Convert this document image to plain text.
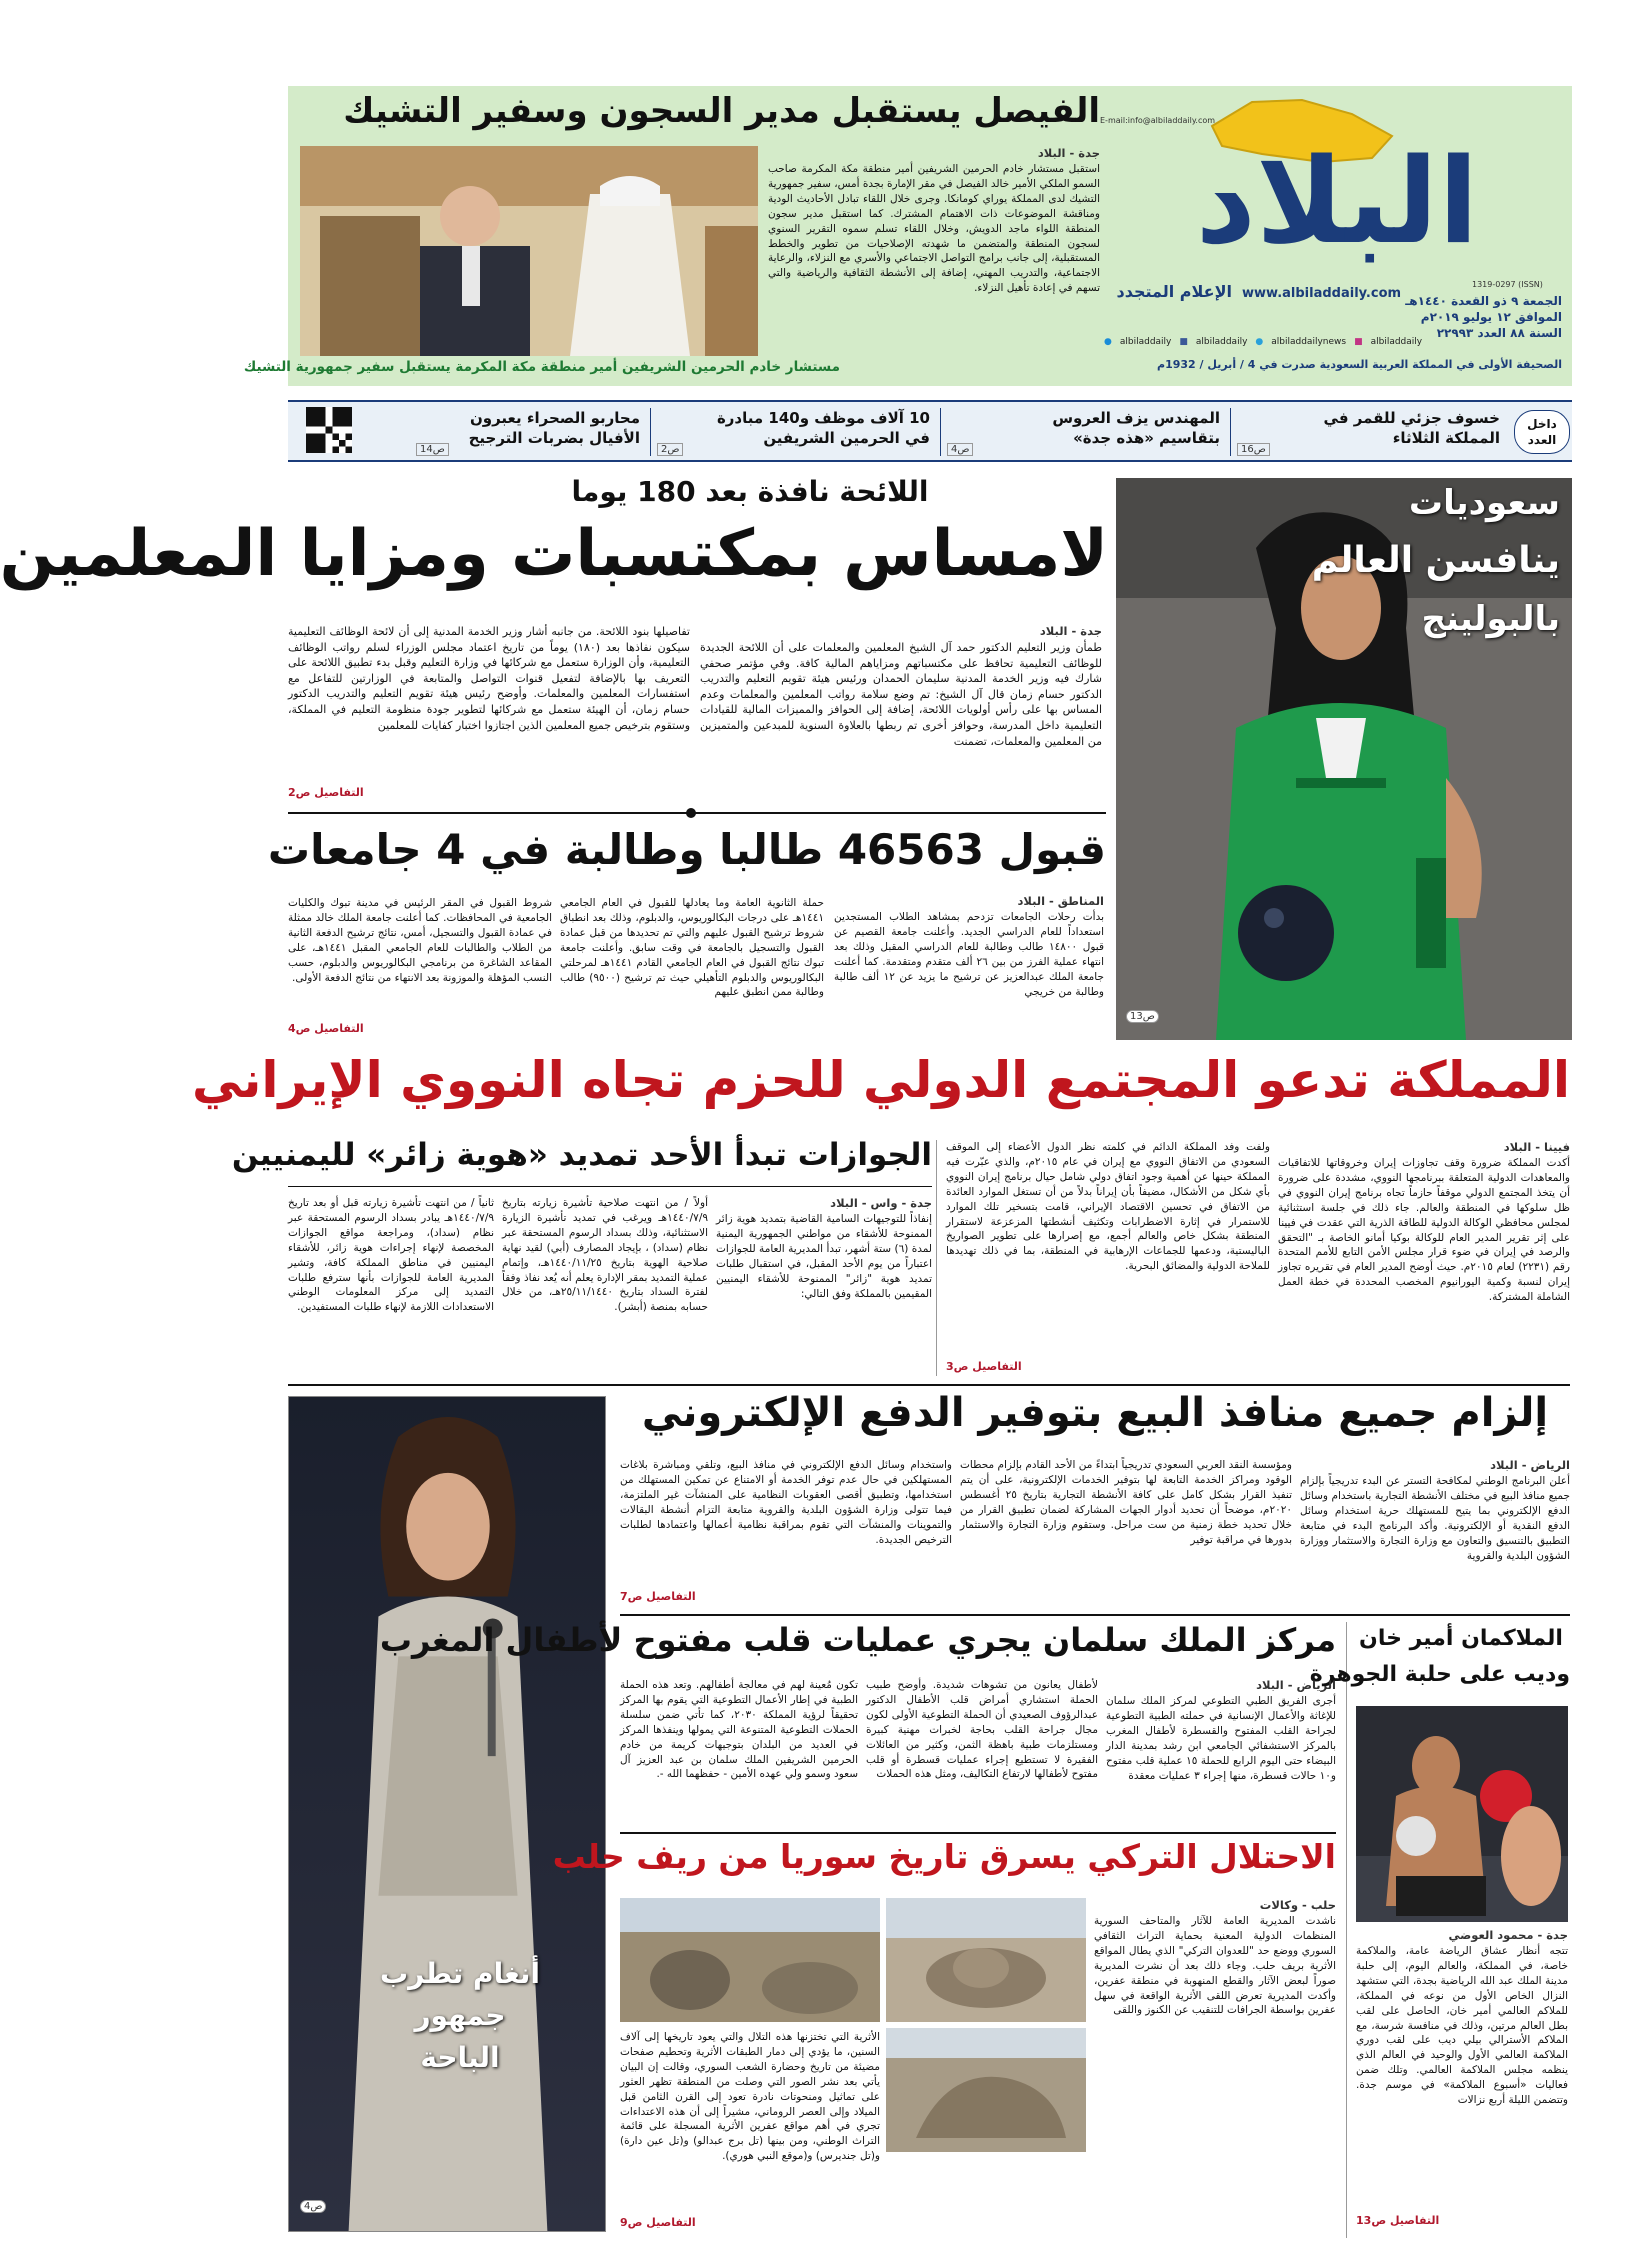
البلاد
E-mail:info@albiladdaily.com
1319-0297 (ISSN)
الجمعة ٩ ذو القعدة ١٤٤٠هـ
الموافق ١٢ يوليو ٢٠١٩م
السنة ٨٨ العدد ٢٢٩٩٣
www.albiladdaily.com
الإعلام المتجدد
● albiladdaily ■ albiladdaily ● albiladdailynews ■ albiladdaily
الصحيفة الأولى في المملكة العربية السعودية صدرت في 4 / أبريل / 1932م
الفيصل يستقبل مدير السجون وسفير التشيك
جدة - البلاد
استقبل مستشار خادم الحرمين الشريفين أمير منطقة مكة المكرمة صاحب السمو الملكي الأمير خالد الفيصل في مقر الإمارة بجدة أمس، سفير جمهورية التشيك لدى المملكة يوراي كومانكا. وجرى خلال اللقاء تبادل الأحاديث الودية ومناقشة الموضوعات ذات الاهتمام المشترك. كما استقبل مدير سجون المنطقة اللواء ماجد الدويش، وخلال اللقاء تسلم سموه التقرير السنوي لسجون المنطقة والمتضمن ما شهدته الإصلاحيات من تطوير والخطط المستقبلية، إلى جانب برامج التواصل الاجتماعي والأسري مع النزلاء، والرعاية الاجتماعية، والتدريب المهني، إضافة إلى الأنشطة الثقافية والرياضية والتي تسهم في إعادة تأهيل النزلاء.
مستشار خادم الحرمين الشريفين أمير منطقة مكة المكرمة يستقبل سفير جمهورية التشيك
داخل العدد
خسوف جزئي للقمر في المملكة الثلاثاء
ص16
المهندس يزف العروس بتقاسيم «هذه جدة»
ص4
10 آلاف موظف و140 مبادرة في الحرمين الشريفين
ص2
محاربو الصحراء يعبرون الأفيال بضربات الترجيح
ص14
سعوديات
ينافسن العالم
بالبولينج
ص13
اللائحة نافذة بعد 180 يوما
لامساس بمكتسبات ومزايا المعلمين
جدة - البلاد
طمأن وزير التعليم الدكتور حمد آل الشيخ المعلمين والمعلمات على أن اللائحة الجديدة للوظائف التعليمية تحافظ على مكتسباتهم ومزاياهم المالية كافة. وفي مؤتمر صحفي شارك فيه وزير الخدمة المدنية سليمان الحمدان ورئيس هيئة تقويم التعليم والتدريب الدكتور حسام زمان قال آل الشيخ: تم وضع سلامة رواتب المعلمين والمعلمات وعدم المساس بها على رأس أولويات اللائحة، إضافة إلى الحوافز والمميزات المالية للقيادات التعليمية داخل المدرسة، وحوافز أخرى تم ربطها بالعلاوة السنوية للمبدعين والمتميزين من المعلمين والمعلمات، تضمنت
تفاصيلها بنود اللائحة. من جانبه أشار وزير الخدمة المدنية إلى أن لائحة الوظائف التعليمية سيكون نفاذها بعد (١٨٠) يوماً من تاريخ اعتماد مجلس الوزراء لسلم رواتب الوظائف التعليمية، وأن الوزارة ستعمل مع شركائها في وزارة التعليم وقبل بدء تطبيق اللائحة على التعريف بها بالإضافة لتفعيل قنوات التواصل والمتابعة في الوزارتين للتفاعل مع استفسارات المعلمين والمعلمات. وأوضح رئيس هيئة تقويم التعليم والتدريب الدكتور حسام زمان، أن الهيئة ستعمل مع شركائها لتطوير جودة منظومة التعليم في المملكة، وستقوم بترخيص جميع المعلمين الذين اجتازوا اختبار كفايات للمعلمين
التفاصيل ص2
قبول 46563 طالبا وطالبة في 4 جامعات
المناطق - البلاد
بدأت رحلات الجامعات تزدحم بمشاهد الطلاب المستجدين استعداداً للعام الدراسي الجديد. وأعلنت جامعة القصيم عن قبول ١٤٨٠٠ طالب وطالبة للعام الدراسي المقبل وذلك بعد انتهاء عملية الفرز من بين ٢٦ ألف متقدم ومتقدمة. كما أعلنت جامعة الملك عبدالعزيز عن ترشيح ما يزيد عن ١٢ ألف طالبة وطالبة من خريجي
حملة الثانوية العامة وما يعادلها للقبول في العام الجامعي ١٤٤١هـ على درجات البكالوريوس، والدبلوم، وذلك بعد انطباق شروط ترشيح القبول عليهم والتي تم تحديدها من قبل عمادة القبول والتسجيل بالجامعة في وقت سابق. وأعلنت جامعة تبوك نتائج القبول في العام الجامعي القادم ١٤٤١هـ لمرحلتي البكالوريوس والدبلوم التأهيلي حيث تم ترشيح (٩٥٠٠) طالب وطالبة ممن انطبق عليهم
شروط القبول في المقر الرئيس في مدينة تبوك والكليات الجامعية في المحافظات. كما أعلنت جامعة الملك خالد ممثلة في عمادة القبول والتسجيل، أمس، نتائج ترشيح الدفعة الثانية من الطلاب والطالبات للعام الجامعي المقبل ١٤٤١هـ، على المقاعد الشاغرة من برنامجي البكالوريوس والدبلوم، حسب النسب المؤهلة والموزونة بعد الانتهاء من نتائج الدفعة الأولى.
التفاصيل ص4
المملكة تدعو المجتمع الدولي للحزم تجاه النووي الإيراني
فيينا - البلاد
أكدت المملكة ضرورة وقف تجاوزات إيران وخروقاتها للاتفاقيات والمعاهدات الدولية المتعلقة ببرنامجها النووي، مشددة على ضرورة أن يتخذ المجتمع الدولي موقفاً حازماً تجاه برنامج إيران النووي في ظل سلوكها في المنطقة والعالم. جاء ذلك في جلسة استثنائية لمجلس محافظي الوكالة الدولية للطاقة الذرية التي عقدت في فيينا على إثر تقرير المدير العام للوكالة بوكيا أمانو الخاصة بـ "التحقق والرصد في إيران في ضوء قرار مجلس الأمن التابع للأمم المتحدة رقم (٢٢٣١) لعام ٢٠١٥م. حيث أوضح المدير العام في تقريره تجاوز إيران لنسبة وكمية اليورانيوم المخصب المحددة في خطة العمل الشاملة المشتركة.
ولفت وفد المملكة الدائم في كلمته نظر الدول الأعضاء إلى الموقف السعودي من الاتفاق النووي مع إيران في عام ٢٠١٥م، والذي عبّرت فيه المملكة حينها عن أهمية وجود اتفاق دولي شامل حيال برنامج إيران النووي بأي شكل من الأشكال، مضيفاً بأن إيراناً بدلاً من أن تستغل الموارد العائدة من الاتفاق في تحسين الاقتصاد الإيراني، قامت بتسخير تلك الموارد للاستمرار في إثارة الاضطرابات وتكثيف أنشطتها المزعزعة لاستقرار المنطقة بشكل خاص والعالم أجمع، مع إصرارها على تطوير الصواريخ الباليستية، ودعمها للجماعات الإرهابية في المنطقة، بما في ذلك تهديدها للملاحة الدولية والمضائق البحرية.
التفاصيل ص3
الجوازات تبدأ الأحد تمديد «هوية زائر» لليمنيين
جدة - واس - البلاد
إنفاذاً للتوجيهات السامية القاضية بتمديد هوية زائر الممنوحة للأشقاء من مواطني الجمهورية اليمنية لمدة (٦) ستة أشهر، تبدأ المديرية العامة للجوازات اعتباراً من يوم الأحد المقبل، في استقبال طلبات تمديد هوية "زائر" الممنوحة للأشقاء اليمنيين المقيمين بالمملكة وفق التالي:
أولاً / من انتهت صلاحية تأشيرة زيارته بتاريخ ١٤٤٠/٧/٩هـ ويرغب في تمديد تأشيرة الزيارة الاستثنائية، وذلك بسداد الرسوم المستحقة عبر نظام (سداد) ، بإيجاد المصارف (أبي) لقيد نهاية صلاحية الهوية بتاريخ ١٤٤٠/١١/٢٥هـ، وإتمام عملية التمديد بمقر الإدارة يعلم أنه يُعد نفاذ وفقاً لفترة السداد بتاريخ ٢٥/١١/١٤٤٠هـ، من خلال حسابه بمنصة (أبشر).
ثانياً / من انتهت تأشيرة زيارته قبل أو بعد تاريخ ١٤٤٠/٧/٩هـ يبادر بسداد الرسوم المستحقة عبر نظام (سداد)، ومراجعة مواقع الجوازات المخصصة لإنهاء إجراءات هوية زائر، للأشقاء اليمنيين في مناطق المملكة كافة، وتشير المديرية العامة للجوازات بأنها سترفع طلبات التمديد إلى مركز المعلومات الوطني الاستعدادات اللازمة لإنهاء طلبات المستفيدين.
إلزام جميع منافذ البيع بتوفير الدفع الإلكتروني
الرياض - البلاد
أعلن البرنامج الوطني لمكافحة التستر عن البدء تدريجياً بإلزام جميع منافذ البيع في مختلف الأنشطة التجارية باستخدام وسائل الدفع الإلكتروني بما يتيح للمستهلك حرية استخدام وسائل الدفع النقدية أو الإلكترونية. وأكد البرنامج البدء في متابعة التطبيق بالتنسيق والتعاون مع وزارة التجارة والاستثمار ووزارة الشؤون البلدية والقروية
ومؤسسة النقد العربي السعودي تدريجياً ابتداءً من الأحد القادم بإلزام محطات الوقود ومراكز الخدمة التابعة لها بتوفير الخدمات الإلكترونية، على أن يتم تنفيذ القرار بشكل كامل على كافة الأنشطة التجارية بتاريخ ٢٥ أغسطس ٢٠٢٠م، موضحاً أن تحديد أدوار الجهات المشاركة لضمان تطبيق القرار من خلال تحديد خطة زمنية من ست مراحل. وستقوم وزارة التجارة والاستثمار بدورها في مراقبة توفير
واستخدام وسائل الدفع الإلكتروني في منافذ البيع، وتلقي ومباشرة بلاغات المستهلكين في حال عدم توفر الخدمة أو الامتناع عن تمكين المستهلك من استخدامها، وتطبيق أقصى العقوبات النظامية على المنشآت غير الملتزمة، فيما تتولى وزارة الشؤون البلدية والقروية متابعة التزام أنشطة البقالات والتموينات والمنشآت التي تقوم بمراقبة نظامية أعمالها واعتمادها لطلبات الترخيص الجديدة.
التفاصيل ص7
أنغام تطرب
جمهور
الباحة
ص4
الملاكمان أمير خان
وديب على حلبة الجوهرة
جدة - محمود العوضي
تتجه أنظار عشاق الرياضة عامة، والملاكمة خاصة، في المملكة، والعالم اليوم، إلى حلبة مدينة الملك عبد الله الرياضية بجدة، التي ستشهد النزال الخاص الأول من نوعه في المملكة، للملاكم العالمي أمير خان، الحاصل على لقب بطل العالم مرتين، وذلك في منافسة شرسة، مع الملاكم الأسترالي بيلي ديب على لقب دوري الملاكمة العالمي الأول والوحيد في العالم الذي ينظمه مجلس الملاكمة العالمي. وتلك ضمن فعاليات «أسبوع الملاكمة» في موسم جدة. وتتضمن الليلة أربع نزالات
التفاصيل ص13
مركز الملك سلمان يجري عمليات قلب مفتوح لأطفال المغرب
الرياض - البلاد
أجرى الفريق الطبي التطوعي لمركز الملك سلمان للإغاثة والأعمال الإنسانية في حملته الطبية التطوعية لجراحة القلب المفتوح والقسطرة لأطفال المغرب بالمركز الاستشفائي الجامعي ابن رشد بمدينة الدار البيضاء حتى اليوم الرابع للحملة ١٥ عملية قلب مفتوح و١٠ حالات قسطرة، منها إجراء ٣ عمليات معقدة
لأطفال يعانون من تشوهات شديدة. وأوضح طبيب الحملة استشاري أمراض قلب الأطفال الدكتور عبدالرؤوف الصعيدي أن الحملة التطوعية الأولى لكون مجال جراحة القلب بحاجة لخبرات مهنية كبيرة ومستلزمات طبية باهظة الثمن، وكثير من العائلات الفقيرة لا تستطيع إجراء عمليات قسطرة أو قلب مفتوح لأطفالها لارتفاع التكاليف، ومثل هذه الحملات
تكون مُعينة لهم في معالجة أطفالهم. وتعد هذه الحملة الطبية في إطار الأعمال التطوعية التي يقوم بها المركز تحقيقاً لرؤية المملكة ٢٠٣٠، كما تأتي ضمن سلسلة الحملات التطوعية المتنوعة التي يمولها وينفذها المركز في العديد من البلدان بتوجيهات كريمة من خادم الحرمين الشريفين الملك سلمان بن عبد العزيز آل سعود وسمو ولي عهده الأمين - حفظهما الله -.
الاحتلال التركي يسرق تاريخ سوريا من ريف حلب
حلب - وكالات
ناشدت المديرية العامة للآثار والمتاحف السورية المنظمات الدولية المعنية بحماية التراث الثقافي السوري ووضع حد "للعدوان التركي" الذي يطال المواقع الأثرية بريف حلب. وجاء ذلك بعد أن نشرت المديرية صوراً لبعض الآثار والقطع المنهوبة في منطقة عفرين، وأكدت المديرية تعرض اللقى الأثرية الواقعة في سهل عفرين بواسطة الجرافات للتنقيب عن الكنوز واللقى
الأثرية التي تختزنها هذه التلال والتي يعود تاريخها إلى آلاف السنين، ما يؤدي إلى دمار الطبقات الأثرية وتحطيم صفحات مضيئة من تاريخ وحضارة الشعب السوري، وقالت إن البيان يأتي بعد نشر الصور التي وصلت من المنطقة تظهر العثور على تماثيل ومنحوتات نادرة تعود إلى القرن الثامن قبل الميلاد وإلى العصر الروماني، مشيراً إلى أن هذه الاعتداءات تجري في أهم مواقع عفرين الأثرية المسجلة على قائمة التراث الوطني، ومن بينها (تل برج عبدالو) و(تل عين دارة) و(تل جنديرس) و(موقع النبي هوري).
التفاصيل ص9
